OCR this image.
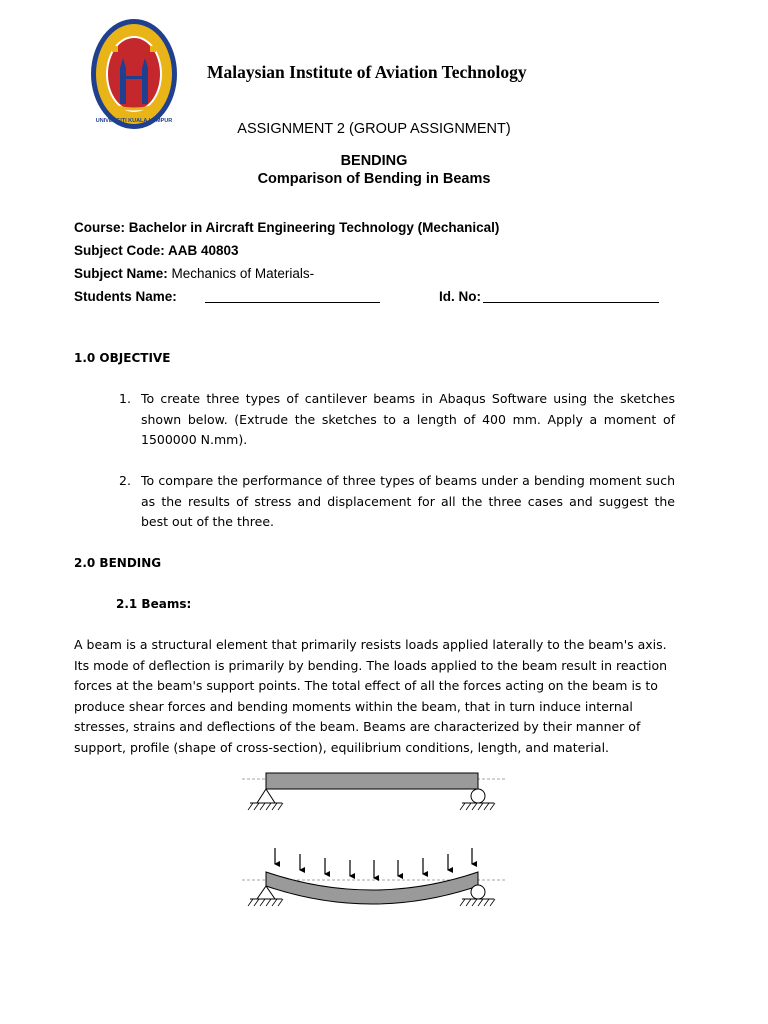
UNIVERSITI KUALA LUMPUR
Malaysian Institute of Aviation Technology
ASSIGNMENT 2 (GROUP ASSIGNMENT)
BENDING
Comparison of Bending in Beams
Course: Bachelor in Aircraft Engineering Technology (Mechanical)
Subject Code: AAB 40803
Subject Name: Mechanics of Materials-
Students Name:	Id. No:
1.0 OBJECTIVE
1. To create three types of cantilever beams in Abaqus Software using the sketches shown below. (Extrude the sketches to a length of 400 mm. Apply a moment of 1500000 N.mm).
2. To compare the performance of three types of beams under a bending moment such as the results of stress and displacement for all the three cases and suggest the best out of the three.
2.0 BENDING
2.1 Beams:
A beam is a structural element that primarily resists loads applied laterally to the beam's axis.
Its mode of deflection is primarily by bending. The loads applied to the beam result in reaction
forces at the beam's support points. The total effect of all the forces acting on the beam is to
produce shear forces and bending moments within the beam, that in turn induce internal
stresses, strains and deflections of the beam. Beams are characterized by their manner of
support, profile (shape of cross-section), equilibrium conditions, length, and material.
